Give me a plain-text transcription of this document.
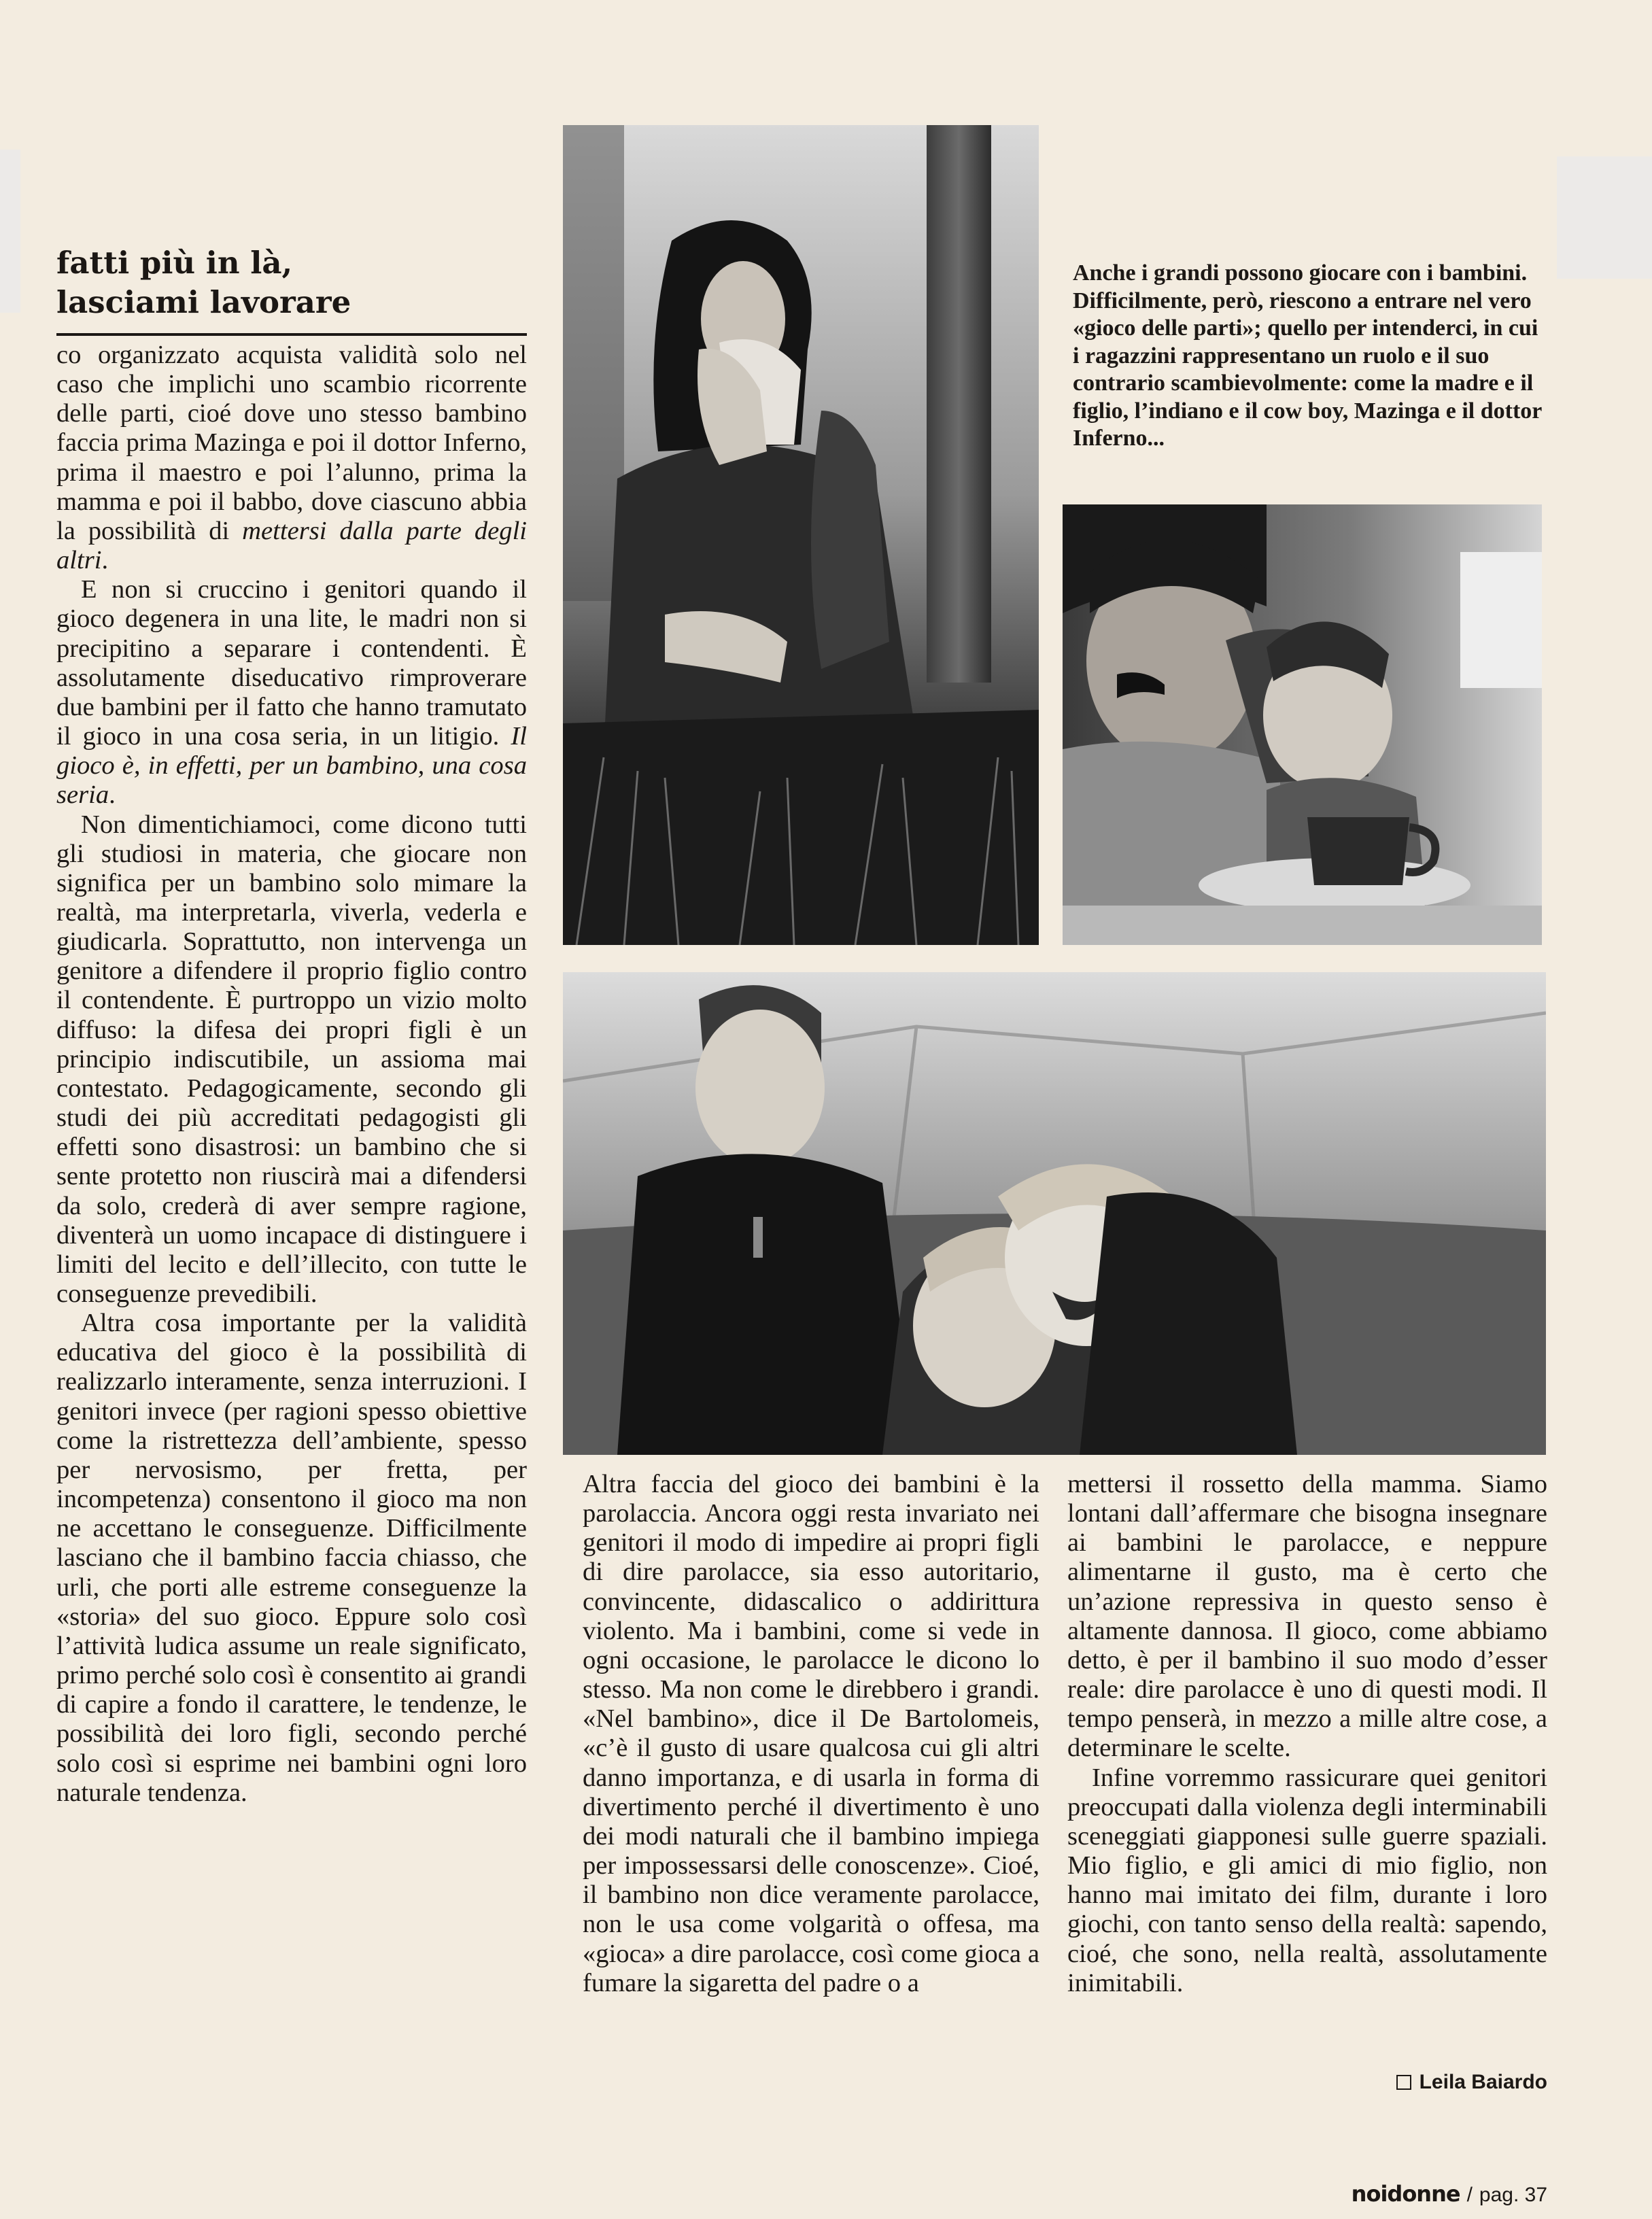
fatti più in là,
lasciami lavorare

co organizzato acquista validità solo nel caso che implichi uno scambio ricorrente delle parti, cioé dove uno stesso bambino faccia prima Mazinga e poi il dottor Inferno, prima il maestro e poi l’alunno, prima la mamma e poi il babbo, dove ciascuno abbia la possibilità di mettersi dalla parte degli altri.

E non si cruccino i genitori quando il gioco degenera in una lite, le madri non si precipitino a separare i contendenti. È assolutamente diseducativo rimproverare due bambini per il fatto che hanno tramutato il gioco in una cosa seria, in un litigio. Il gioco è, in effetti, per un bambino, una cosa seria.

Non dimentichiamoci, come dicono tutti gli studiosi in materia, che giocare non significa per un bambino solo mimare la realtà, ma interpretarla, viverla, vederla e giudicarla. Soprattutto, non intervenga un genitore a difendere il proprio figlio contro il contendente. È purtroppo un vizio molto diffuso: la difesa dei propri figli è un principio indiscutibile, un assioma mai contestato. Pedagogicamente, secondo gli studi dei più accreditati pedagogisti gli effetti sono disastrosi: un bambino che si sente protetto non riuscirà mai a difendersi da solo, crederà di aver sempre ragione, diventerà un uomo incapace di distinguere i limiti del lecito e dell’illecito, con tutte le conseguenze prevedibili.

Altra cosa importante per la validità educativa del gioco è la possibilità di realizzarlo interamente, senza interruzioni. I genitori invece (per ragioni spesso obiettive come la ristrettezza dell’ambiente, spesso per nervosismo, per fretta, per incompetenza) consentono il gioco ma non ne accettano le conseguenze. Difficilmente lasciano che il bambino faccia chiasso, che urli, che porti alle estreme conseguenze la «storia» del suo gioco. Eppure solo così l’attività ludica assume un reale significato, primo perché solo così è consentito ai grandi di capire a fondo il carattere, le tendenze, le possibilità dei loro figli, secondo perché solo così si esprime nei bambini ogni loro naturale tendenza.

Anche i grandi possono giocare con i bambini. Difficilmente, però, riescono a entrare nel vero «gioco delle parti»; quello per intenderci, in cui i ragazzini rappresentano un ruolo e il suo contrario scambievolmente: come la madre e il figlio, l’indiano e il cow boy, Mazinga e il dottor Inferno...

Altra faccia del gioco dei bambini è la parolaccia. Ancora oggi resta invariato nei genitori il modo di impedire ai propri figli di dire parolacce, sia esso autoritario, convincente, didascalico o addirittura violento. Ma i bambini, come si vede in ogni occasione, le parolacce le dicono lo stesso. Ma non come le direbbero i grandi. «Nel bambino», dice il De Bartolomeis, «c’è il gusto di usare qualcosa cui gli altri danno importanza, e di usarla in forma di divertimento perché il divertimento è uno dei modi naturali che il bambino impiega per impossessarsi delle conoscenze». Cioé, il bambino non dice veramente parolacce, non le usa come volgarità o offesa, ma «gioca» a dire parolacce, così come gioca a fumare la sigaretta del padre o a

mettersi il rossetto della mamma. Siamo lontani dall’affermare che bisogna insegnare ai bambini le parolacce, e neppure alimentarne il gusto, ma è certo che un’azione repressiva in questo senso è altamente dannosa. Il gioco, come abbiamo detto, è per il bambino il suo modo d’esser reale: dire parolacce è uno di questi modi. Il tempo penserà, in mezzo a mille altre cose, a determinare le scelte.

Infine vorremmo rassicurare quei genitori preoccupati dalla violenza degli interminabili sceneggiati giapponesi sulle guerre spaziali. Mio figlio, e gli amici di mio figlio, non hanno mai imitato dei film, durante i loro giochi, con tanto senso della realtà: sapendo, cioé, che sono, nella realtà, assolutamente inimitabili.

Leila Baiardo
noidonne / pag. 37
